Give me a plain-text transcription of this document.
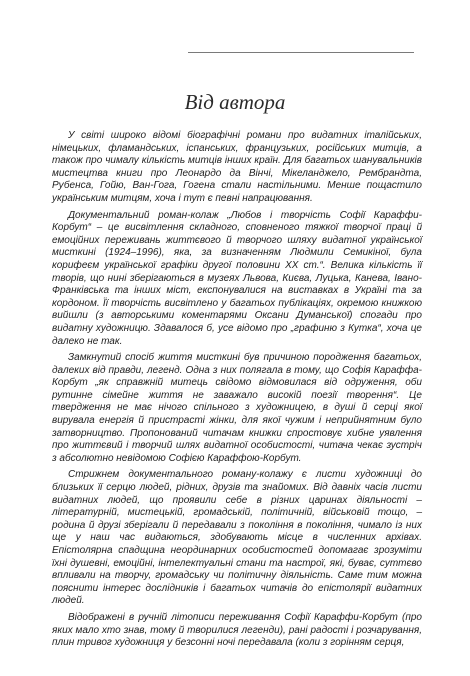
Від автора

У світі широко відомі біографічні романи про видатних італійських, німецьких, фламандських, іспанських, французьких, російських митців, а також про чималу кількість митців інших країн. Для багатьох шанувальників мистецтва книги про Леонардо да Вінчі, Мікеланджело, Рембрандта, Рубенса, Гойю, Ван-Гога, Гогена стали настільними. Менше пощастило українським митцям, хоча і тут є певні напрацювання.

Документальний роман-колаж „Любов і творчість Софії Караффи-Корбут“ – це висвітлення складного, сповненого тяжкої творчої праці й емоційних переживань життєвого й творчого шляху видатної української мисткині (1924–1996), яка, за визначенням Людмили Семикіної, була корифеєм української графіки другої половини XX ст.“. Велика кількість її творів, що нині зберігаються в музеях Львова, Києва, Луцька, Канева, Івано-Франківська та інших міст, експонувалися на виставках в Україні та за кордоном. Її творчість висвітлено у багатьох публікаціях, окремою книжкою вийшли (з авторськими коментарями Оксани Думанської) спогади про видатну художницю. Здавалося б, усе відомо про „графиню з Кутка“, хоча це далеко не так.

Замкнутий спосіб життя мисткині був причиною породження багатьох, далеких від правди, легенд. Одна з них полягала в тому, що Софія Караффа-Корбут „як справжній митець свідомо відмовилася від одруження, оби рутинне сімейне життя не заважало високій поезії творення“. Це твердження не має нічого спільного з художницею, в душі й серці якої вирувала енергія й пристрасті жінки, для якої чужим і неприйнятним було затворництво. Пропонований читачам книжки спростовує хибне уявлення про життєвий і творчий шлях видатної особистості, читача чекає зустріч з абсолютно невідомою Софією Караффою-Корбут.

Стрижнем документального роману-колажу є листи художниці до близьких її серцю людей, рідних, друзів та знайомих. Від давніх часів листи видатних людей, що проявили себе в різних царинах діяльності – літературній, мистецькій, громадській, політичній, військовій тощо, – родина й друзі зберігали й передавали з покоління в покоління, чимало із них ще у наш час видаються, здобувають місце в численних архівах. Епістолярна спадщина неординарних особистостей допомагає зрозуміти їхні душевні, емоційні, інтелектуальні стани та настрої, які, буває, суттєво впливали на творчу, громадську чи політичну діяльність. Саме тим можна пояснити інтерес дослідників і багатьох читачів до епістолярії видатних людей.

Відображені в ручній літописи переживання Софії Караффи-Корбут (про яких мало хто знав, тому й творилися легенди), рані радості і розчарування, плин тривог художниця у безсонні ночі передавала (коли з горінням серця,
